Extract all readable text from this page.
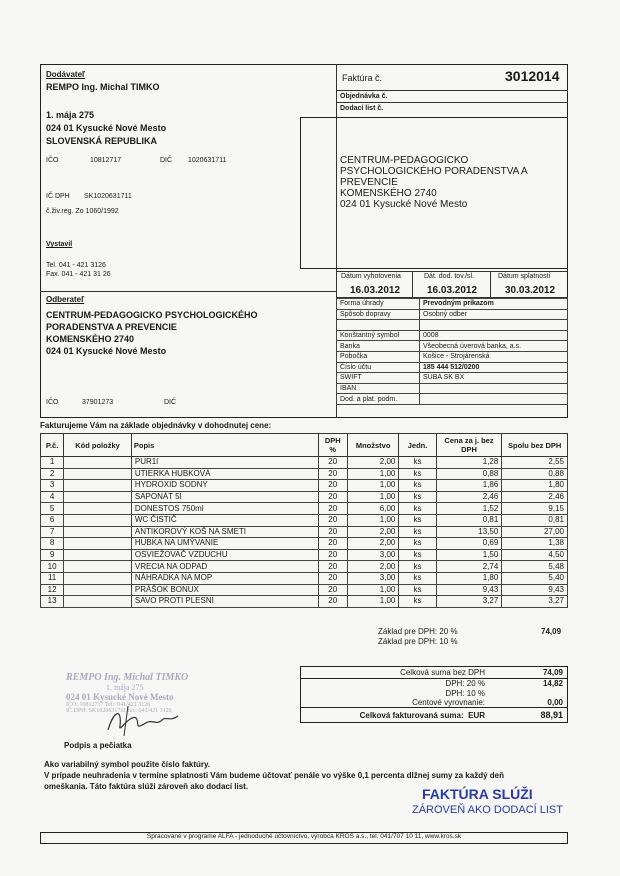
Dodávateľ
REMPO Ing. Michal TIMKO
1. mája 275
024 01 Kysucké Nové Mesto
SLOVENSKÁ REPUBLIKA
IČO	10812717	DIČ 1020631711
IČ DPH SK1020631711
č.živ.reg. Zo 1060/1992
Vystavil
Tel. 041 - 421 3126
Fax. 041 - 421 31 26
Faktúra č.	3012014
Objednávka č.
Dodací list č.
CENTRUM-PEDAGOGICKO
PSYCHOLOGICKÉHO PORADENSTVA A
PREVENCIE
KOMENSKÉHO 2740
024 01 Kysucké Nové Mesto
Dátum vyhotovenia	Dát. dod. tov./sl.	Dátum splatnosti
16.03.2012	16.03.2012	30.03.2012
Odberateľ
CENTRUM-PEDAGOGICKO PSYCHOLOGICKÉHO
PORADENSTVA A PREVENCIE
KOMENSKÉHO 2740
024 01 Kysucké Nové Mesto
IČO	37901273	DIČ
Forma úhrady	Prevodným príkazom
Spôsob dopravy	Osobný odber

Konštantný symbol	0008
Banka	Všeobecná úverová banka, a.s.
Pobočka	Košice - Strojárenská
Číslo účtu	185 444 512/0200
SWIFT	SUBA SK BX
IBAN	
Dod. a plat. podm.	
Fakturujeme Vám na základe objednávky v dohodnutej cene:
P.č.	Kód položky	Popis	DPH %	Množstvo	Jedn.	Cena za j. bez DPH	Spolu bez DPH
1		PUR1l	20	2,00	ks	1,28	2,55
2		UTIERKA HUBKOVÁ	20	1,00	ks	0,88	0,88
3		HYDROXID SODNY	20	1,00	ks	1,86	1,80
4		SAPONÁT 5l	20	1,00	ks	2,46	2,46
5		DONESTOS 750ml	20	6,00	ks	1,52	9,15
6		WC ČISTIČ	20	1,00	ks	0,81	0,81
7		ANTIKOROVÝ KOŠ NA SMETI	20	2,00	ks	13,50	27,00
8		HUBKA NA UMÝVANIE	20	2,00	ks	0,69	1,38
9		OSVIEŽOVAČ VZDUCHU	20	3,00	ks	1,50	4,50
10		VRECIA NA ODPAD	20	2,00	ks	2,74	5,48
11		NÁHRADKA NA MOP	20	3,00	ks	1,80	5,40
12		PRÁŠOK BONUX	20	1,00	ks	9,43	9,43
13		SAVO PROTI PLESNI	20	1,00	ks	3,27	3,27
Základ pre DPH: 20 %	74,09
Základ pre DPH: 10 %
REMPO Ing. Michal TIMKO
1. mája 275
024 01 Kysucké Nové Mesto
IČO: 10812717 Tel.: 041/421 3126
IČ DPH: SK1020631711 fax: 041/421 3126
Podpis a pečiatka
Celková suma bez DPH	74,09
DPH: 20 %	14,82
DPH: 10 %	
Centové vyrovnanie:	0,00
Celková fakturovaná suma: EUR	88,91
Ako variabilný symbol použite číslo faktúry.
V prípade neuhradenia v termíne splatnosti Vám budeme účtovať penále vo výške 0,1 percenta dlžnej sumy za každý deň
omeškania. Táto faktúra slúži zároveň ako dodací list.	FAKTÚRA SLÚŽI
ZÁROVEŇ AKO DODACÍ LIST
Spracované v programe ALFA - jednoduché účtovníctvo, výrobca KROS a.s., tel. 041/707 10 11, www.kros.sk
